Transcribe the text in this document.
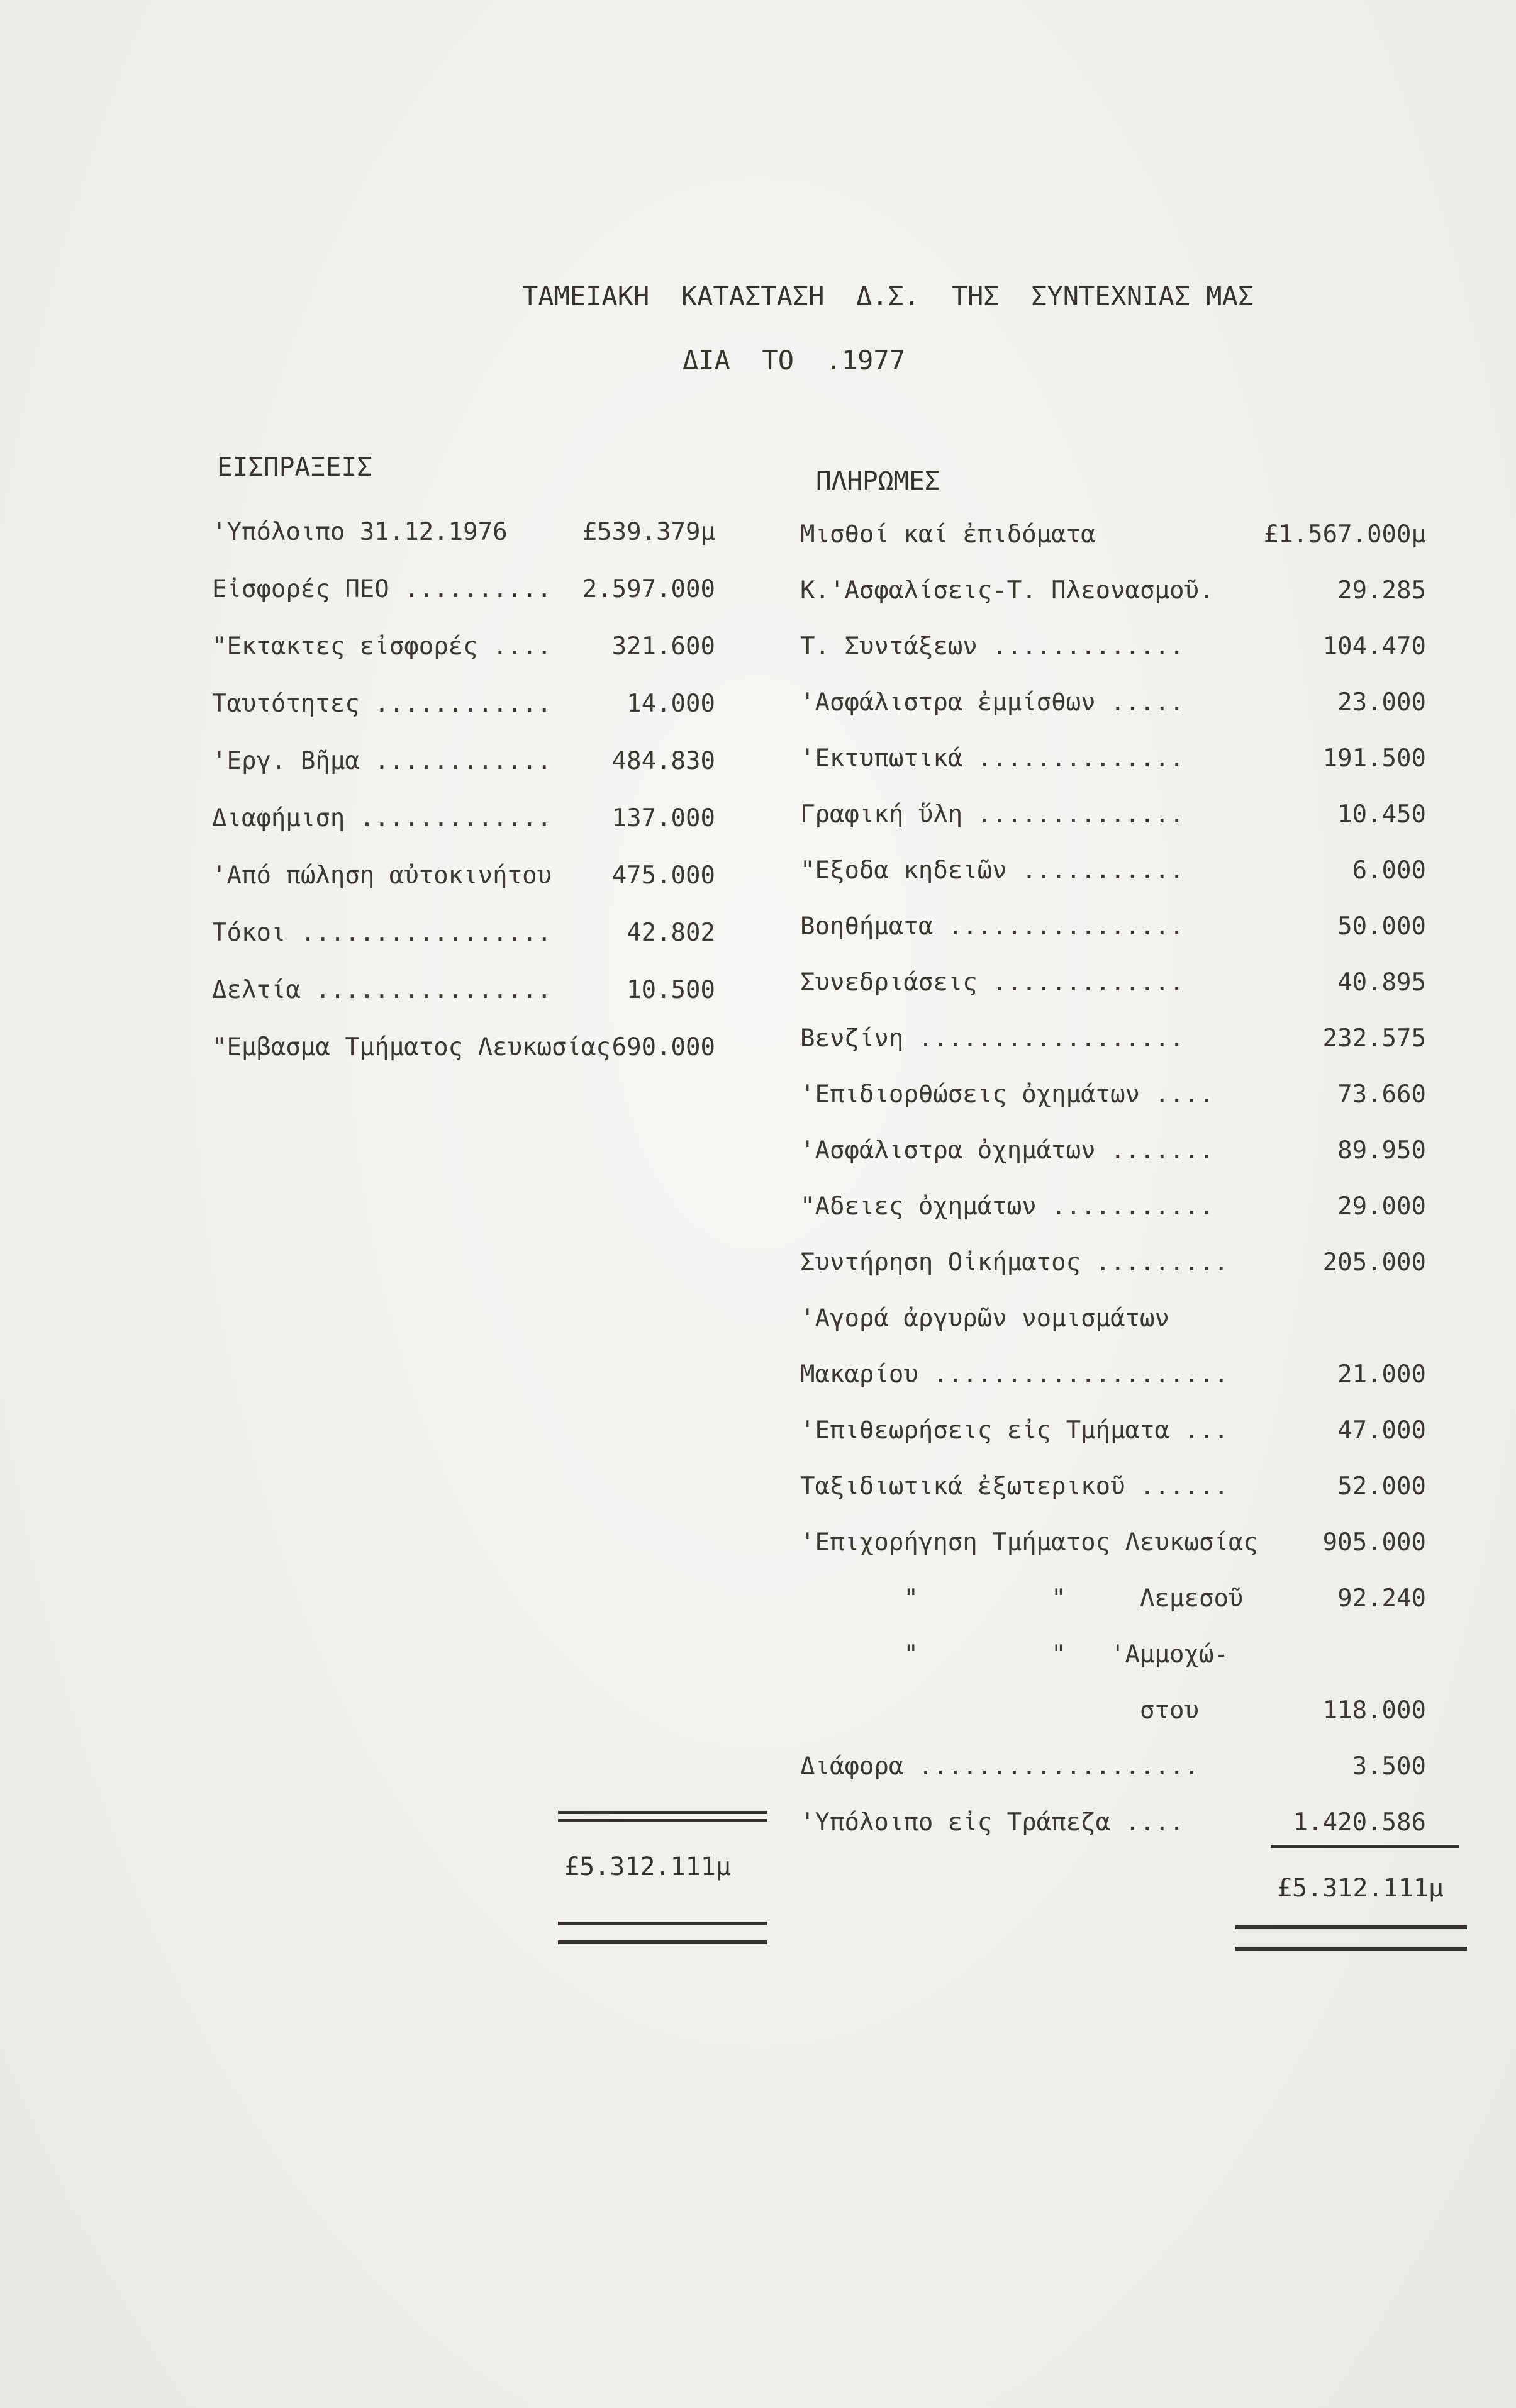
ΤΑΜΕΙΑΚΗ  ΚΑΤΑΣΤΑΣΗ  Δ.Σ.  ΤΗΣ  ΣΥΝΤΕΧΝΙΑΣ ΜΑΣ
ΔΙΑ  ΤΟ  .1977
ΕΙΣΠΡΑΞΕΙΣ	ΠΛΗΡΩΜΕΣ
'Υπόλοιπο 31.12.1976	£539.379μ
Εἰσφορές ΠΕΟ .......... 2.597.000
"Εκτακτες εἰσφορές .... 321.600
Ταυτότητες ............	14.000
'Εργ. Βῆμα ............ 484.830
Διαφήμιση ............. 137.000
'Από πώληση αὐτοκινήτου 475.000
Τόκοι .................	42.802
Δελτία ................	10.500
"Εμβασμα Τμήματος Λευκωσίας 690.000
Μισθοί καί ἐπιδόματα	£1.567.000μ
Κ.'Ασφαλίσεις-Τ. Πλεονασμοῦ.	29.285
Τ. Συντάξεων .............	104.470
'Ασφάλιστρα ἐμμίσθων .....	23.000
'Εκτυπωτικά ..............	191.500
Γραφική ὕλη ..............	10.450
"Εξοδα κηδειῶν ...........	6.000
Βοηθήματα ................	50.000
Συνεδριάσεις .............	40.895
Βενζίνη ..................	232.575
'Επιδιορθώσεις ὀχημάτων ....	73.660
'Ασφάλιστρα ὀχημάτων .......	89.950
"Αδειες ὀχημάτων ...........	29.000
Συντήρηση Οἰκήματος .........	205.000
'Αγορά ἀργυρῶν νομισμάτων
Μακαρίου ....................	21.000
'Επιθεωρήσεις εἰς Τμήματα ...	47.000
Ταξιδιωτικά ἐξωτερικοῦ ......	52.000
'Επιχορήγηση Τμήματος Λευκωσίας	905.000
"         "     Λεμεσοῦ	92.240
"         "   'Αμμοχώ-
στου	118.000
Διάφορα ...................	3.500
'Υπόλοιπο εἰς Τράπεζα ....	1.420.586
£5.312.111μ
£5.312.111μ
